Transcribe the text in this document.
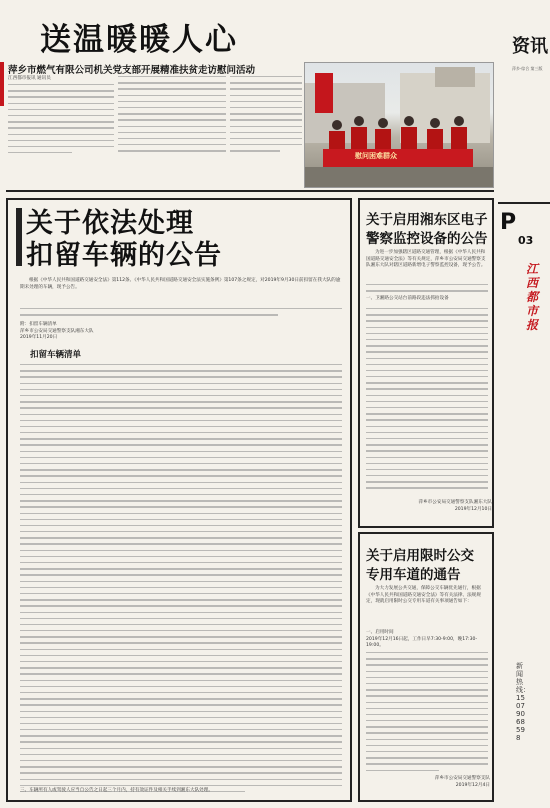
送温暖暖人心
萍乡市燃气有限公司机关党支部开展精准扶贫走访慰问活动
江西都市报讯 通讯员
慰问困难群众
资讯
萍乡·综合 第三版
P
03
江西都市报
新闻热线：15079068598
关于依法处理
扣留车辆的公告

根据《中华人民共和国道路交通安全法》第112条、《中华人民共和国道路交通安全法实施条例》第107条之规定，对2019年9月30日前扣留在我大队的逾期未处理的车辆，现予公告。

附：扣留车辆清单
萍乡市公安局交通警察支队湘东大队
2019年11月20日
扣留车辆清单
三、车辆所有人或驾驶人应当自公告之日起三个月内，持有效证件及相关手续到湘东大队处理。
关于启用湘东区电子
警察监控设备的公告

为进一步加强辖区道路交通管理，根据《中华人民共和国道路交通安全法》等有关规定，萍乡市公安局交通警察支队湘东大队对辖区道路新增电子警察监控设备，现予公告。

一、卫湘路公交站台前路段违法抓拍设备
萍乡市公安局交通警察支队湘东大队
2019年12月10日
关于启用限时公交
专用车道的通告

为大力发展公共交通，保障公交车辆优先通行，根据《中华人民共和国道路交通安全法》等有关法律、法规规定，现就启用限时公交专用车道有关事项通告如下：

一、启用时间
2019年12月16日起，工作日早7:30-9:00，晚17:30-19:00。
萍乡市公安局交通警察支队
2019年12月4日
